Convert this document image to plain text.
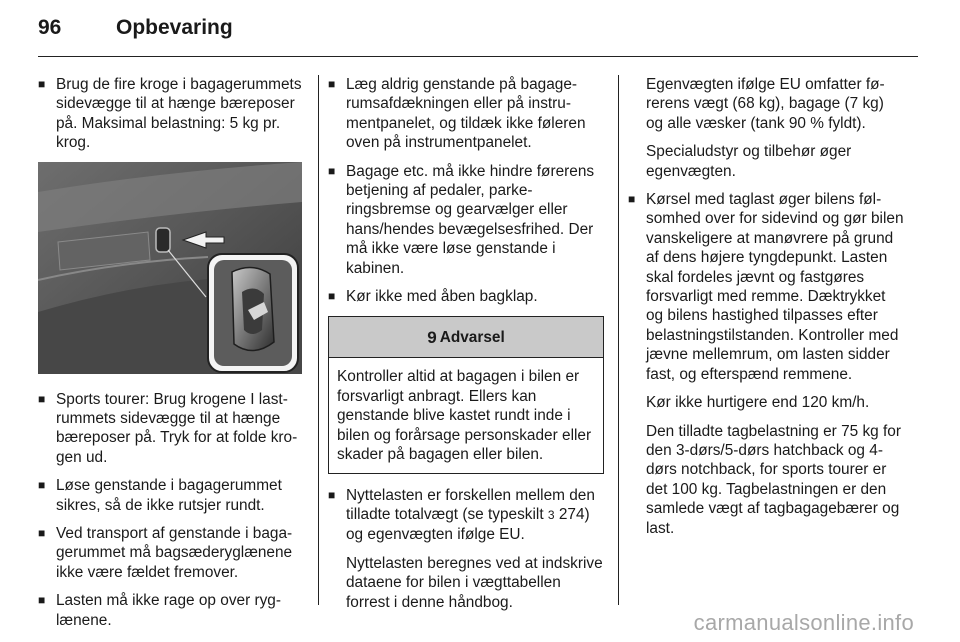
96	Opbevaring
■ Brug de fire kroge i bagagerummets sidevægge til at hænge bæreposer på. Maksimal belastning: 5 kg pr. krog.
■ Sports tourer: Brug krogene I lastrummets sidevægge til at hænge bæreposer på. Tryk for at folde krogen ud.
■ Løse genstande i bagagerummet sikres, så de ikke rutsjer rundt.
■ Ved transport af genstande i bagagerummet må bagsæderyglænene ikke være fældet fremover.
■ Lasten må ikke rage op over ryglænene.
■ Læg aldrig genstande på bagagerumsafdækningen eller på instrumentpanelet, og tildæk ikke føleren oven på instrumentpanelet.
■ Bagage etc. må ikke hindre førerens betjening af pedaler, parkeringsbremse og gearvælger eller hans/hendes bevægelsesfrihed. Der må ikke være løse genstande i kabinen.
■ Kør ikke med åben bagklap.
9 Advarsel
Kontroller altid at bagagen i bilen er forsvarligt anbragt. Ellers kan genstande blive kastet rundt inde i bilen og forårsage personskader eller skader på bagagen eller bilen.
■ Nyttelasten er forskellen mellem den tilladte totalvægt (se typeskilt 3 274) og egenvægten ifølge EU.
Nyttelasten beregnes ved at indskrive dataene for bilen i vægttabellen forrest i denne håndbog.
Egenvægten ifølge EU omfatter førerens vægt (68 kg), bagage (7 kg) og alle væsker (tank 90 % fyldt).
Specialudstyr og tilbehør øger egenvægten.
■ Kørsel med taglast øger bilens følsomhed over for sidevind og gør bilen vanskeligere at manøvrere på grund af dens højere tyngdepunkt. Lasten skal fordeles jævnt og fastgøres forsvarligt med remme. Dæktrykket og bilens hastighed tilpasses efter belastningstilstanden. Kontroller med jævne mellemrum, om lasten sidder fast, og efterspænd remmene.
Kør ikke hurtigere end 120 km/h.
Den tilladte tagbelastning er 75 kg for den 3-dørs/5-dørs hatchback og 4-dørs notchback, for sports tourer er det 100 kg. Tagbelastningen er den samlede vægt af tagbagagebærer og last.
carmanualsonline.info
